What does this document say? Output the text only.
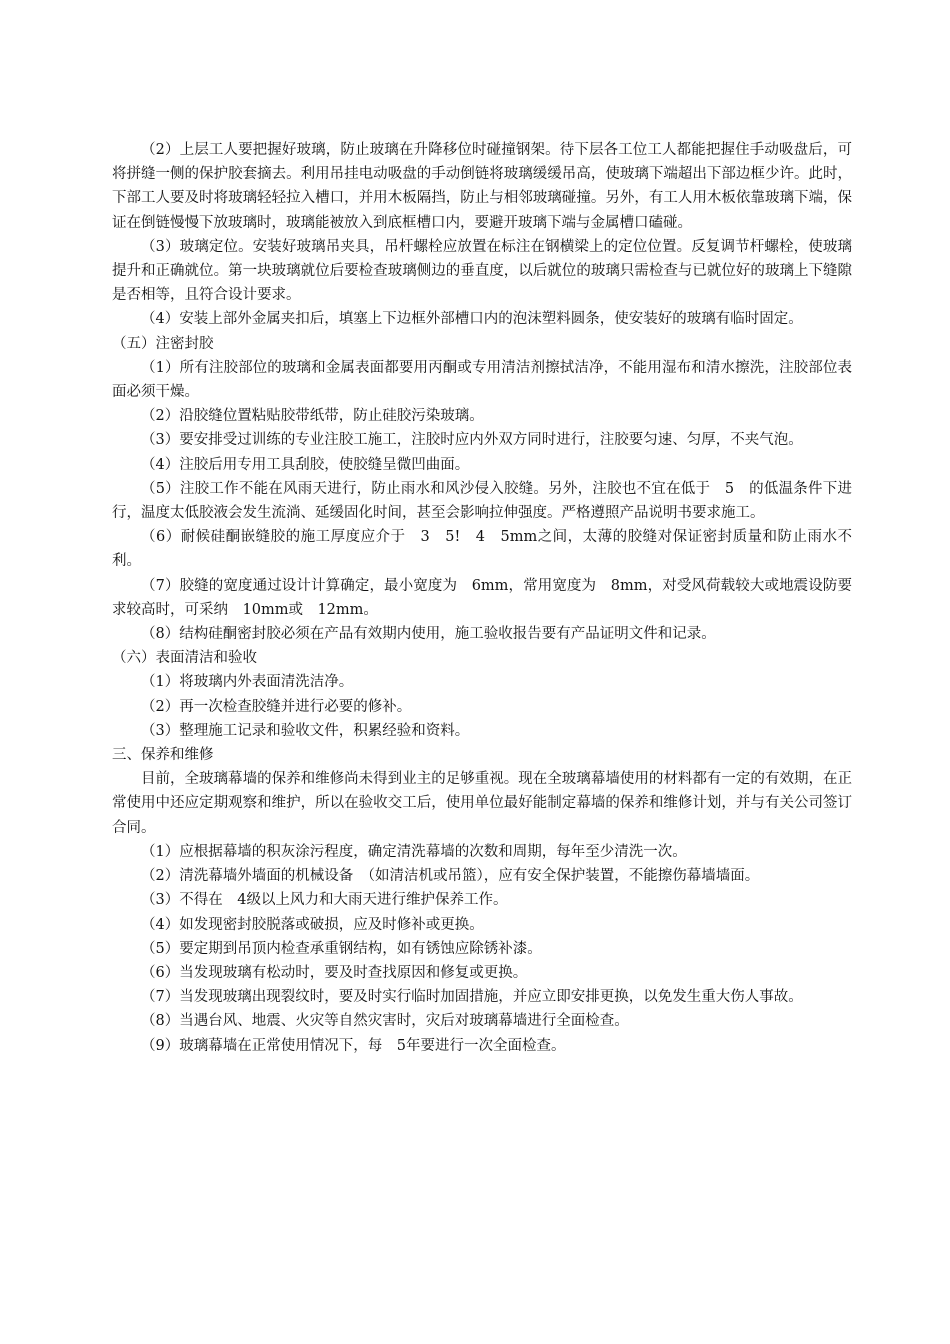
（2）上层工人要把握好玻璃，防止玻璃在升降移位时碰撞钢架。待下层各工位工人都能把握住手动吸盘后，可将拼缝一侧的保护胶套摘去。利用吊挂电动吸盘的手动倒链将玻璃缓缓吊高，使玻璃下端超出下部边框少许。此时，下部工人要及时将玻璃轻轻拉入槽口，并用木板隔挡，防止与相邻玻璃碰撞。另外，有工人用木板依靠玻璃下端，保证在倒链慢慢下放玻璃时，玻璃能被放入到底框槽口内，要避开玻璃下端与金属槽口磕碰。

（3）玻璃定位。安装好玻璃吊夹具，吊杆螺栓应放置在标注在钢横梁上的定位位置。反复调节杆螺栓，使玻璃提升和正确就位。第一块玻璃就位后要检查玻璃侧边的垂直度，以后就位的玻璃只需检查与已就位好的玻璃上下缝隙是否相等，且符合设计要求。

（4）安装上部外金属夹扣后，填塞上下边框外部槽口内的泡沫塑料圆条，使安装好的玻璃有临时固定。

（五）注密封胶

（1）所有注胶部位的玻璃和金属表面都要用丙酮或专用清洁剂擦拭洁净，不能用湿布和清水擦洗，注胶部位表面必须干燥。

（2）沿胶缝位置粘贴胶带纸带，防止硅胶污染玻璃。

（3）要安排受过训练的专业注胶工施工，注胶时应内外双方同时进行，注胶要匀速、匀厚，不夹气泡。

（4）注胶后用专用工具刮胶，使胶缝呈微凹曲面。

（5）注胶工作不能在风雨天进行，防止雨水和风沙侵入胶缝。另外，注胶也不宜在低于　5　的低温条件下进行，温度太低胶液会发生流淌、延缓固化时间，甚至会影响拉伸强度。严格遵照产品说明书要求施工。

（6）耐候硅酮嵌缝胶的施工厚度应介于　3　5!　4　5mm之间，太薄的胶缝对保证密封质量和防止雨水不利。

（7）胶缝的宽度通过设计计算确定，最小宽度为　6mm，常用宽度为　8mm，对受风荷载较大或地震设防要求较高时，可采纳　10mm或　12mm。

（8）结构硅酮密封胶必须在产品有效期内使用，施工验收报告要有产品证明文件和记录。

（六）表面清洁和验收

（1）将玻璃内外表面清洗洁净。

（2）再一次检查胶缝并进行必要的修补。

（3）整理施工记录和验收文件，积累经验和资料。

三、保养和维修

目前，全玻璃幕墙的保养和维修尚未得到业主的足够重视。现在全玻璃幕墙使用的材料都有一定的有效期，在正常使用中还应定期观察和维护，所以在验收交工后，使用单位最好能制定幕墙的保养和维修计划，并与有关公司签订合同。

（1）应根据幕墙的积灰涂污程度，确定清洗幕墙的次数和周期，每年至少清洗一次。

（2）清洗幕墙外墙面的机械设备　（如清洁机或吊篮），应有安全保护装置，不能擦伤幕墙墙面。

（3）不得在　4级以上风力和大雨天进行维护保养工作。

（4）如发现密封胶脱落或破损，应及时修补或更换。

（5）要定期到吊顶内检查承重钢结构，如有锈蚀应除锈补漆。

（6）当发现玻璃有松动时，要及时查找原因和修复或更换。

（7）当发现玻璃出现裂纹时，要及时实行临时加固措施，并应立即安排更换，以免发生重大伤人事故。

（8）当遇台风、地震、火灾等自然灾害时，灾后对玻璃幕墙进行全面检查。

（9）玻璃幕墙在正常使用情况下，每　5年要进行一次全面检查。
